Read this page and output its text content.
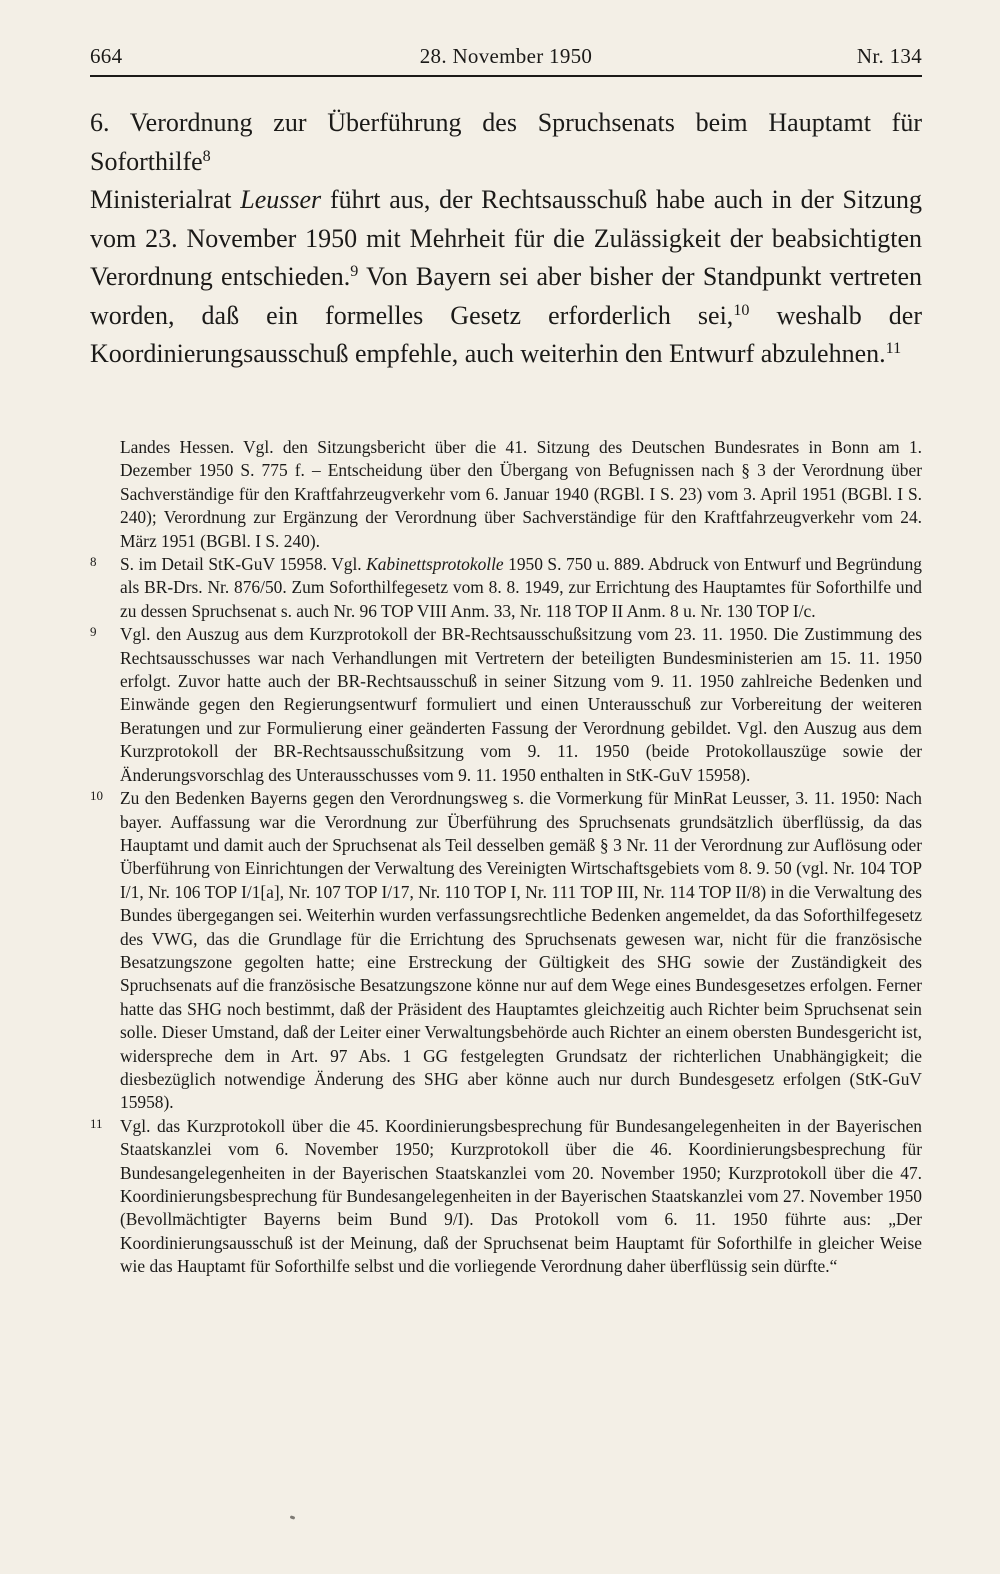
28. November 1950
664	Nr. 134

6. Verordnung zur Überführung des Spruchsenats beim Hauptamt für Soforthilfe$^8$

Ministerialrat Leusser führt aus, der Rechtsausschuß habe auch in der Sitzung vom 23. November 1950 mit Mehrheit für die Zulässigkeit der beabsichtigten Verordnung entschieden.$^9$ Von Bayern sei aber bisher der Standpunkt vertreten worden, daß ein formelles Gesetz erforderlich sei,$^{10}$ weshalb der Koordinierungsausschuß empfehle, auch weiterhin den Entwurf abzulehnen.$^{11}$

Landes Hessen. Vgl. den Sitzungsbericht über die 41. Sitzung des Deutschen Bundesrates in Bonn am 1. Dezember 1950 S. 775 f. – Entscheidung über den Übergang von Befugnissen nach § 3 der Verordnung über Sachverständige für den Kraftfahrzeugverkehr vom 6. Januar 1940 (RGBl. I S. 23) vom 3. April 1951 (BGBl. I S. 240); Verordnung zur Ergänzung der Verordnung über Sachverständige für den Kraftfahrzeugverkehr vom 24. März 1951 (BGBl. I S. 240).

8 S. im Detail StK-GuV 15958. Vgl. Kabinettsprotokolle 1950 S. 750 u. 889. Abdruck von Entwurf und Begründung als BR-Drs. Nr. 876/50. Zum Soforthilfegesetz vom 8. 8. 1949, zur Errichtung des Hauptamtes für Soforthilfe und zu dessen Spruchsenat s. auch Nr. 96 TOP VIII Anm. 33, Nr. 118 TOP II Anm. 8 u. Nr. 130 TOP I/c.
9 Vgl. den Auszug aus dem Kurzprotokoll der BR-Rechtsausschußsitzung vom 23. 11. 1950. Die Zustimmung des Rechtsausschusses war nach Verhandlungen mit Vertretern der beteiligten Bundesministerien am 15. 11. 1950 erfolgt. Zuvor hatte auch der BR-Rechtsausschuß in seiner Sitzung vom 9. 11. 1950 zahlreiche Bedenken und Einwände gegen den Regierungsentwurf formuliert und einen Unterausschuß zur Vorbereitung der weiteren Beratungen und zur Formulierung einer geänderten Fassung der Verordnung gebildet. Vgl. den Auszug aus dem Kurzprotokoll der BR-Rechtsausschußsitzung vom 9. 11. 1950 (beide Protokollauszüge sowie der Änderungsvorschlag des Unterausschusses vom 9. 11. 1950 enthalten in StK-GuV 15958).
10 Zu den Bedenken Bayerns gegen den Verordnungsweg s. die Vormerkung für MinRat Leusser, 3. 11. 1950: Nach bayer. Auffassung war die Verordnung zur Überführung des Spruchsenats grundsätzlich überflüssig, da das Hauptamt und damit auch der Spruchsenat als Teil desselben gemäß § 3 Nr. 11 der Verordnung zur Auflösung oder Überführung von Einrichtungen der Verwaltung des Vereinigten Wirtschaftsgebiets vom 8. 9. 50 (vgl. Nr. 104 TOP I/1, Nr. 106 TOP I/1[a], Nr. 107 TOP I/17, Nr. 110 TOP I, Nr. 111 TOP III, Nr. 114 TOP II/8) in die Verwaltung des Bundes übergegangen sei. Weiterhin wurden verfassungsrechtliche Bedenken angemeldet, da das Soforthilfegesetz des VWG, das die Grundlage für die Errichtung des Spruchsenats gewesen war, nicht für die französische Besatzungszone gegolten hatte; eine Erstreckung der Gültigkeit des SHG sowie der Zuständigkeit des Spruchsenats auf die französische Besatzungszone könne nur auf dem Wege eines Bundesgesetzes erfolgen. Ferner hatte das SHG noch bestimmt, daß der Präsident des Hauptamtes gleichzeitig auch Richter beim Spruchsenat sein solle. Dieser Umstand, daß der Leiter einer Verwaltungsbehörde auch Richter an einem obersten Bundesgericht ist, widerspreche dem in Art. 97 Abs. 1 GG festgelegten Grundsatz der richterlichen Unabhängigkeit; die diesbezüglich notwendige Änderung des SHG aber könne auch nur durch Bundesgesetz erfolgen (StK-GuV 15958).
11 Vgl. das Kurzprotokoll über die 45. Koordinierungsbesprechung für Bundesangelegenheiten in der Bayerischen Staatskanzlei vom 6. November 1950; Kurzprotokoll über die 46. Koordinierungsbesprechung für Bundesangelegenheiten in der Bayerischen Staatskanzlei vom 20. November 1950; Kurzprotokoll über die 47. Koordinierungsbesprechung für Bundesangelegenheiten in der Bayerischen Staatskanzlei vom 27. November 1950 (Bevollmächtigter Bayerns beim Bund 9/I). Das Protokoll vom 6. 11. 1950 führte aus: „Der Koordinierungsausschuß ist der Meinung, daß der Spruchsenat beim Hauptamt für Soforthilfe in gleicher Weise wie das Hauptamt für Soforthilfe selbst und die vorliegende Verordnung daher überflüssig sein dürfte.“
